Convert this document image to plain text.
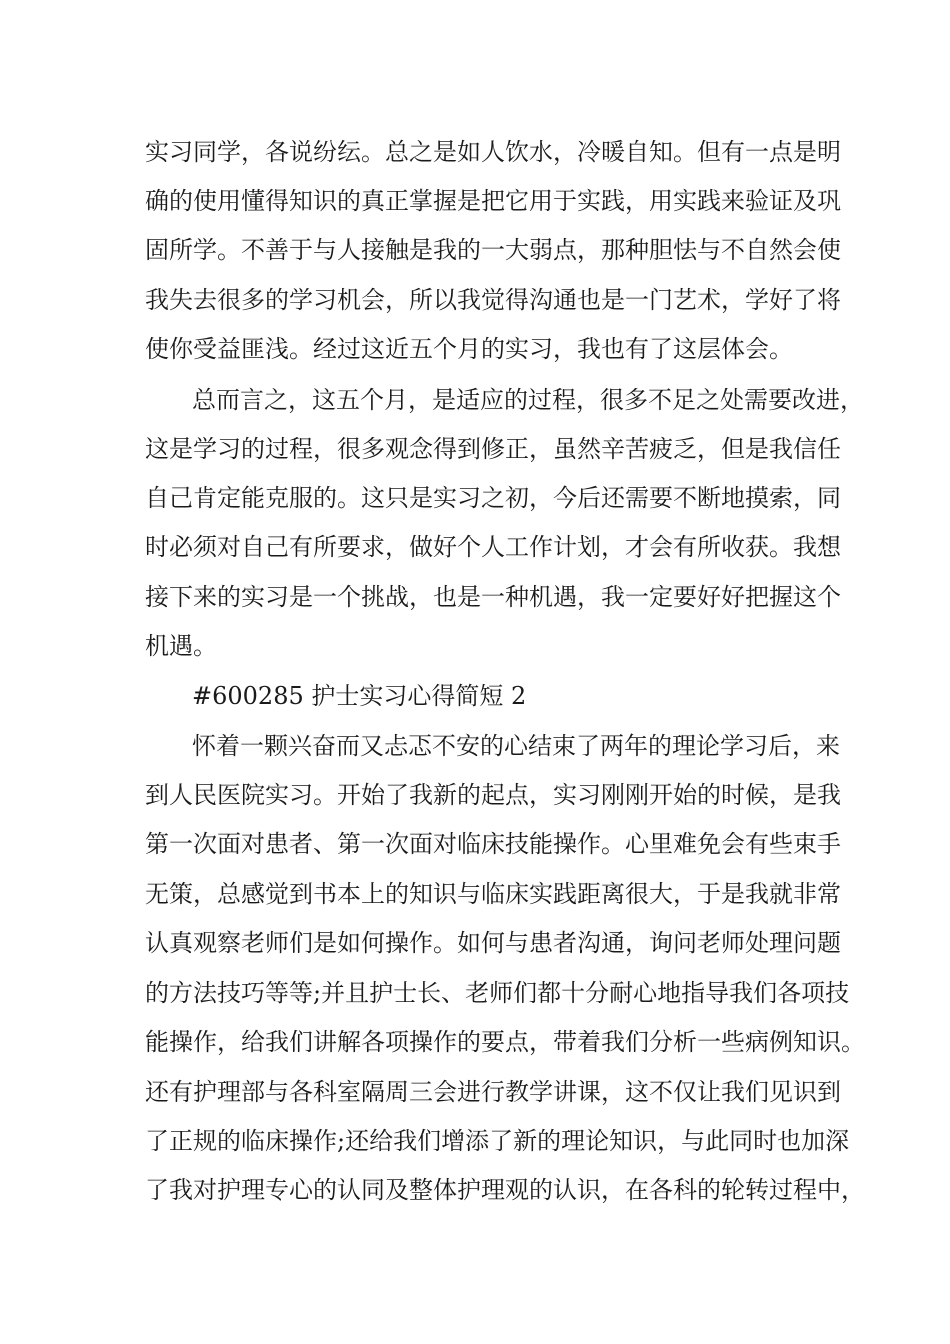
实习同学，各说纷纭。总之是如人饮水，冷暖自知。但有一点是明
确的使用懂得知识的真正掌握是把它用于实践，用实践来验证及巩
固所学。不善于与人接触是我的一大弱点，那种胆怯与不自然会使
我失去很多的学习机会，所以我觉得沟通也是一门艺术，学好了将
使你受益匪浅。经过这近五个月的实习，我也有了这层体会。
总而言之，这五个月，是适应的过程，很多不足之处需要改进，
这是学习的过程，很多观念得到修正，虽然辛苦疲乏，但是我信任
自己肯定能克服的。这只是实习之初，今后还需要不断地摸索，同
时必须对自己有所要求，做好个人工作计划，才会有所收获。我想
接下来的实习是一个挑战，也是一种机遇，我一定要好好把握这个
机遇。
#600285 护士实习心得简短 2
怀着一颗兴奋而又忐忑不安的心结束了两年的理论学习后，来
到人民医院实习。开始了我新的起点，实习刚刚开始的时候，是我
第一次面对患者、第一次面对临床技能操作。心里难免会有些束手
无策，总感觉到书本上的知识与临床实践距离很大，于是我就非常
认真观察老师们是如何操作。如何与患者沟通，询问老师处理问题
的方法技巧等等;并且护士长、老师们都十分耐心地指导我们各项技
能操作，给我们讲解各项操作的要点，带着我们分析一些病例知识。
还有护理部与各科室隔周三会进行教学讲课，这不仅让我们见识到
了正规的临床操作;还给我们增添了新的理论知识，与此同时也加深
了我对护理专心的认同及整体护理观的认识，在各科的轮转过程中，
